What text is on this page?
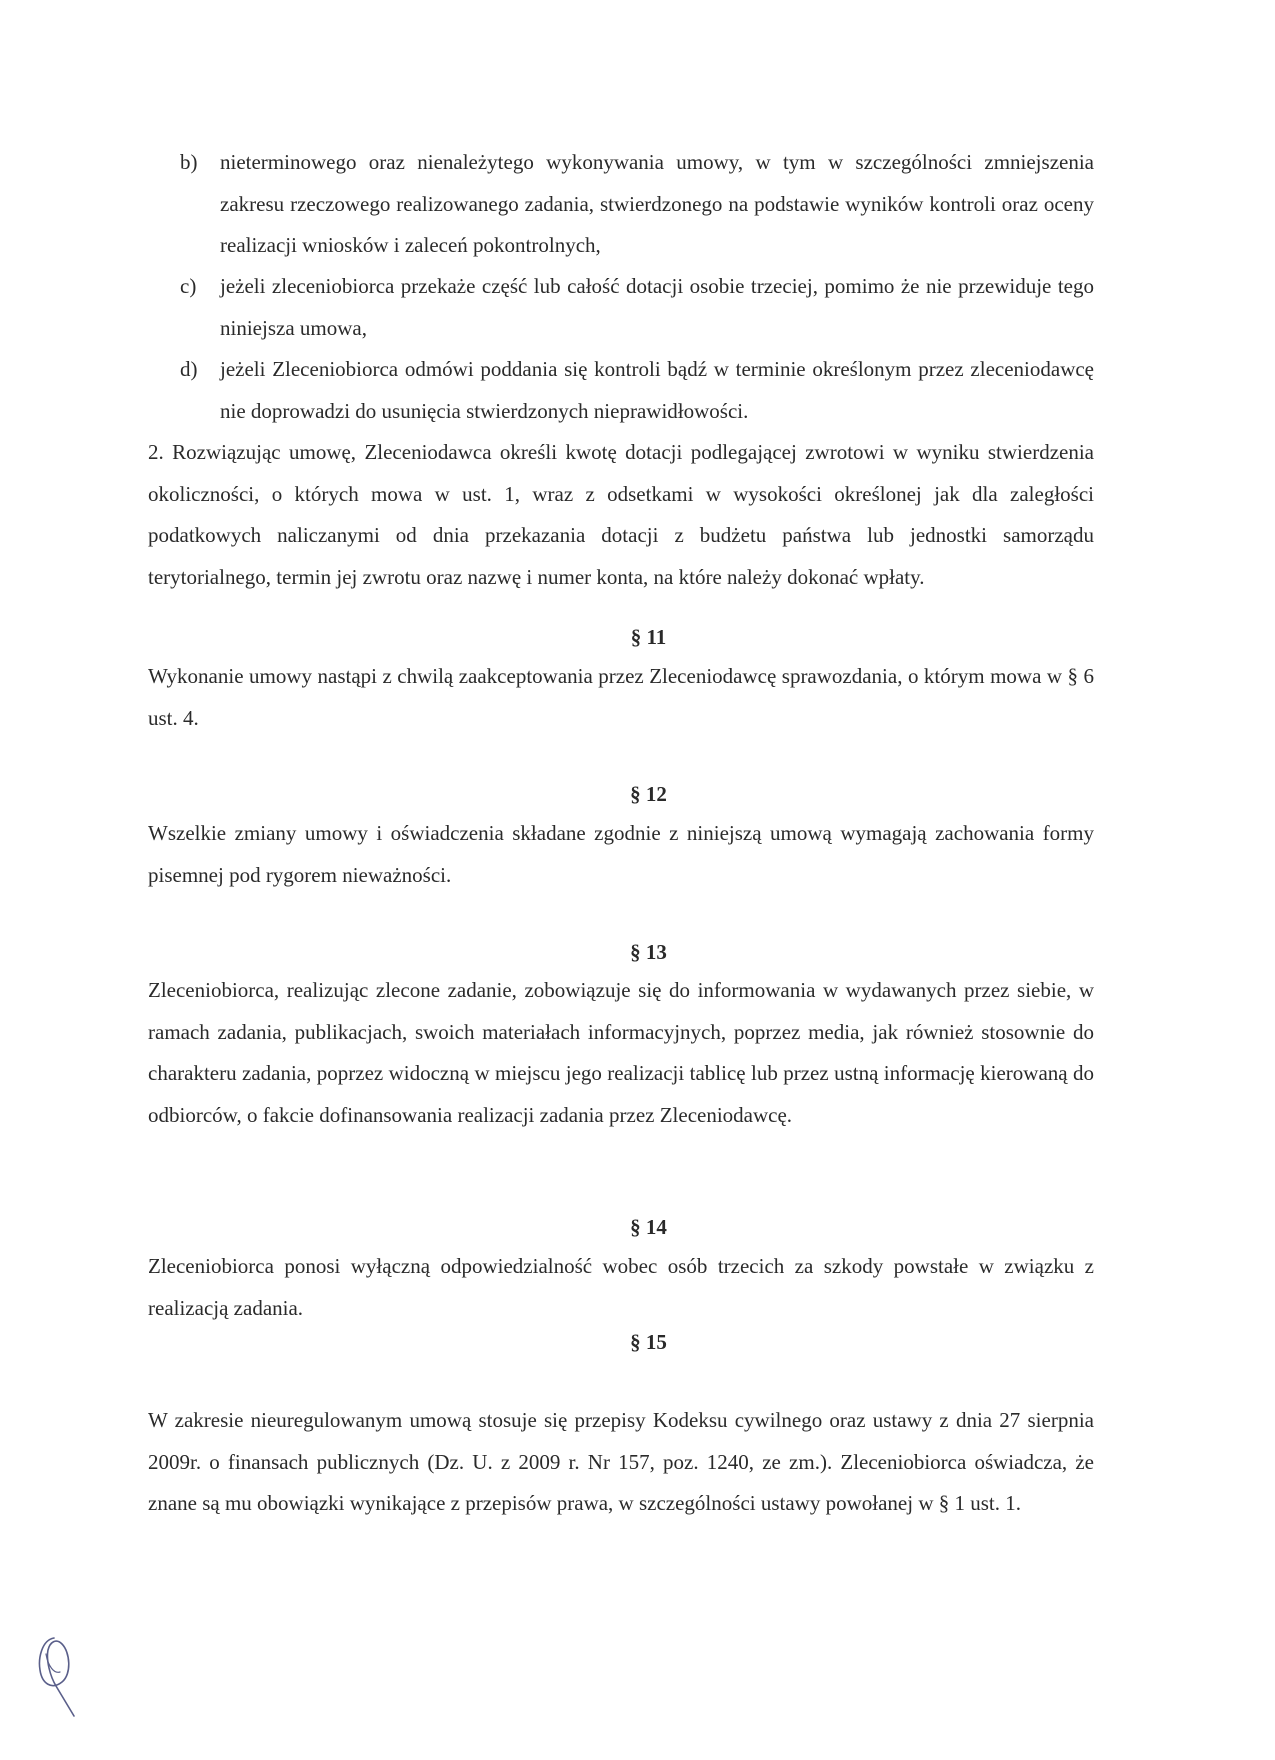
b) nieterminowego oraz nienależytego wykonywania umowy, w tym w szczególności zmniejszenia zakresu rzeczowego realizowanego zadania, stwierdzonego na podstawie wyników kontroli oraz oceny realizacji wniosków i zaleceń pokontrolnych,

c) jeżeli zleceniobiorca przekaże część lub całość dotacji osobie trzeciej, pomimo że nie przewiduje tego niniejsza umowa,

d) jeżeli Zleceniobiorca odmówi poddania się kontroli bądź w terminie określonym przez zleceniodawcę nie doprowadzi do usunięcia stwierdzonych nieprawidłowości.

2. Rozwiązując umowę, Zleceniodawca określi kwotę dotacji podlegającej zwrotowi w wyniku stwierdzenia okoliczności, o których mowa w ust. 1, wraz z odsetkami w wysokości określonej jak dla zaległości podatkowych naliczanymi od dnia przekazania dotacji z budżetu państwa lub jednostki samorządu terytorialnego, termin jej zwrotu oraz nazwę i numer konta, na które należy dokonać wpłaty.

§ 11

Wykonanie umowy nastąpi z chwilą zaakceptowania przez Zleceniodawcę sprawozdania, o którym mowa w § 6 ust. 4.

§ 12

Wszelkie zmiany umowy i oświadczenia składane zgodnie z niniejszą umową wymagają zachowania formy pisemnej pod rygorem nieważności.

§ 13

Zleceniobiorca, realizując zlecone zadanie, zobowiązuje się do informowania w wydawanych przez siebie, w ramach zadania, publikacjach, swoich materiałach informacyjnych, poprzez media, jak również stosownie do charakteru zadania, poprzez widoczną w miejscu jego realizacji tablicę lub przez ustną informację kierowaną do odbiorców, o fakcie dofinansowania realizacji zadania przez Zleceniodawcę.

§ 14

Zleceniobiorca ponosi wyłączną odpowiedzialność wobec osób trzecich za szkody powstałe w związku z realizacją zadania.

§ 15

W zakresie nieuregulowanym umową stosuje się przepisy Kodeksu cywilnego oraz ustawy z dnia 27 sierpnia 2009r. o finansach publicznych (Dz. U. z 2009 r. Nr 157, poz. 1240, ze zm.). Zleceniobiorca oświadcza, że znane są mu obowiązki wynikające z przepisów prawa, w szczególności ustawy powołanej w § 1 ust. 1.
